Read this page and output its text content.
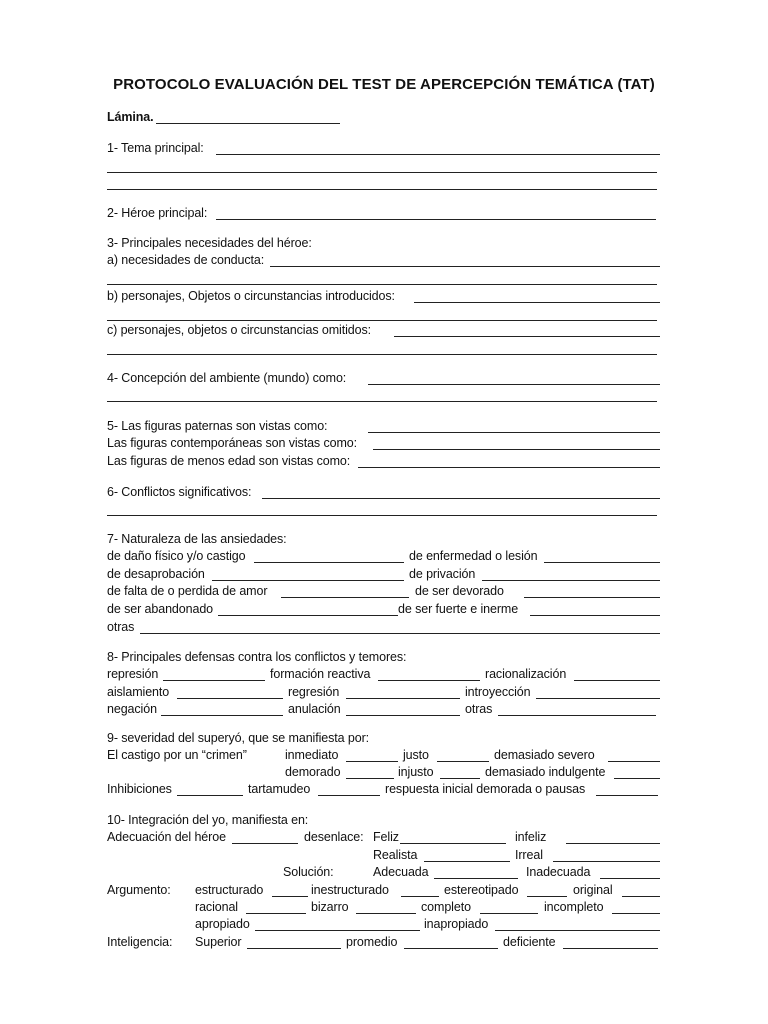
PROTOCOLO EVALUACIÓN DEL TEST DE APERCEPCIÓN TEMÁTICA (TAT)
Lámina.
1- Tema principal:
2- Héroe principal:
3- Principales necesidades del héroe:
a) necesidades de conducta:
b) personajes, Objetos o circunstancias introducidos:
c) personajes, objetos o circunstancias omitidos:
4- Concepción del ambiente (mundo) como:
5- Las figuras paternas son vistas como:
Las figuras contemporáneas son vistas como:
Las figuras de menos edad son vistas como:
6- Conflictos significativos:
7- Naturaleza de las ansiedades:
de daño físico y/o castigo	de enfermedad o lesión
de desaprobación	de privación
de falta de o perdida de amor	de ser devorado
de ser abandonado	de ser fuerte e inerme
otras
8- Principales defensas contra los conflictos y temores:
represión	formación reactiva	racionalización
aislamiento	regresión	introyección
negación	anulación	otras
9- severidad del superyó, que se manifiesta por:
El castigo por un “crimen”	inmediato	justo	demasiado severo
demorado	injusto	demasiado indulgente
Inhibiciones	tartamudeo	respuesta inicial demorada o pausas
10- Integración del yo, manifiesta en:
Adecuación del héroe	desenlace: Feliz	infeliz
Realista	Irreal
Solución:	Adecuada	Inadecuada
Argumento: estructurado	inestructurado	estereotipado	original
racional	bizarro	completo	incompleto
apropiado	inapropiado
Inteligencia: Superior	promedio	deficiente
